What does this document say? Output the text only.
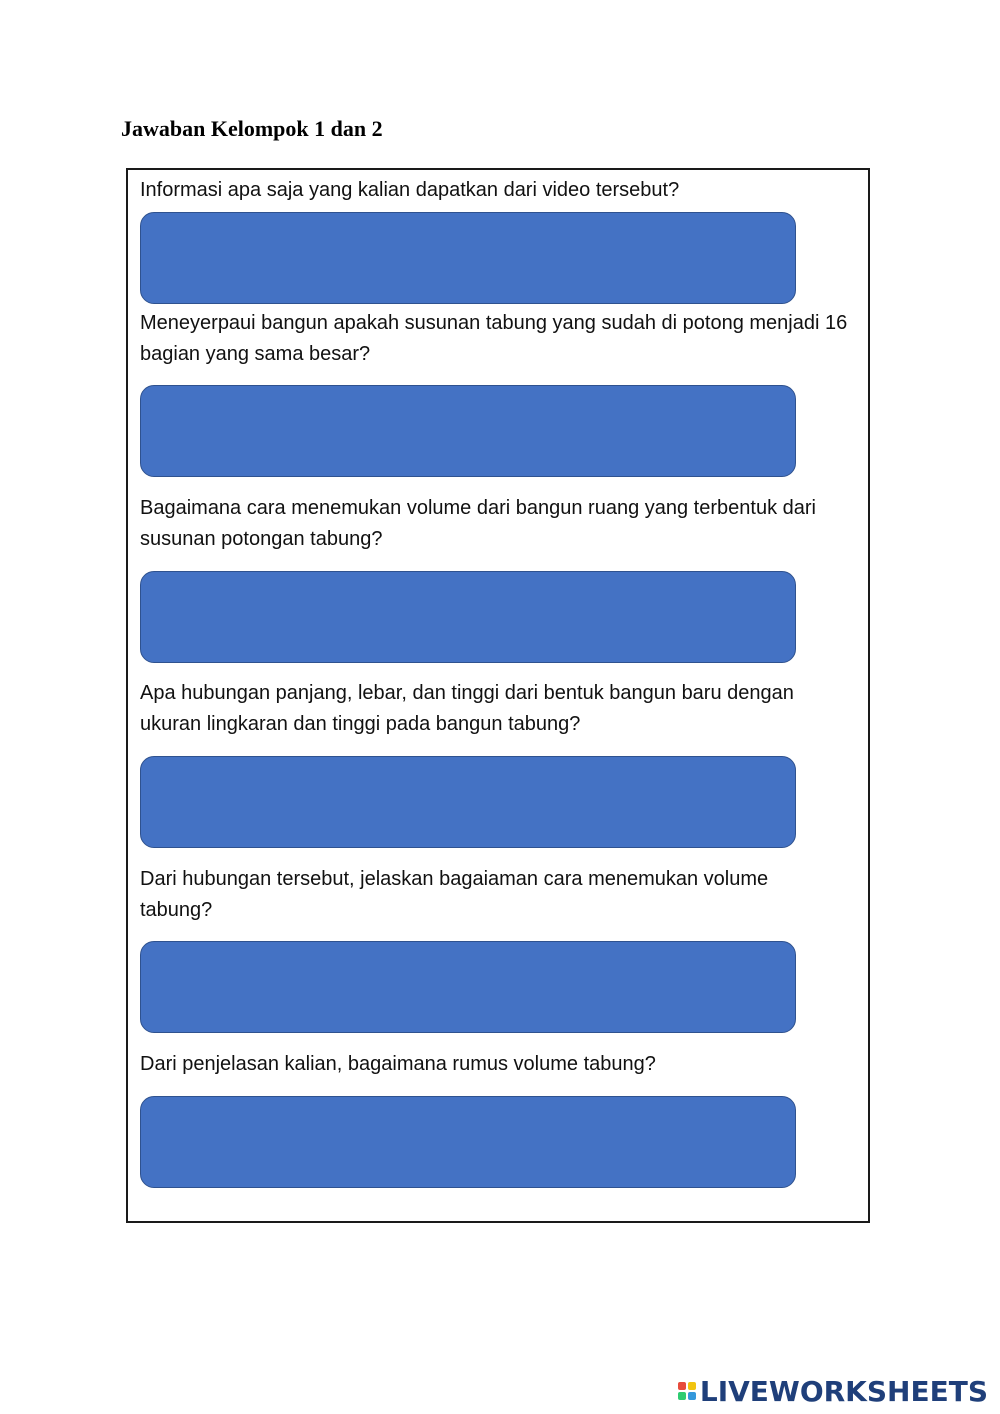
Jawaban Kelompok 1 dan 2
Informasi apa saja yang kalian dapatkan dari video tersebut?
Meneyerpaui bangun apakah susunan tabung yang sudah di potong menjadi 16 bagian yang sama besar?
Bagaimana cara menemukan volume dari bangun ruang yang terbentuk dari susunan potongan tabung?
Apa hubungan panjang, lebar, dan tinggi dari bentuk bangun baru dengan ukuran lingkaran dan tinggi pada bangun tabung?
Dari hubungan tersebut, jelaskan bagaiaman cara menemukan volume tabung?
Dari penjelasan kalian, bagaimana rumus volume tabung?
LIVEWORKSHEETS
